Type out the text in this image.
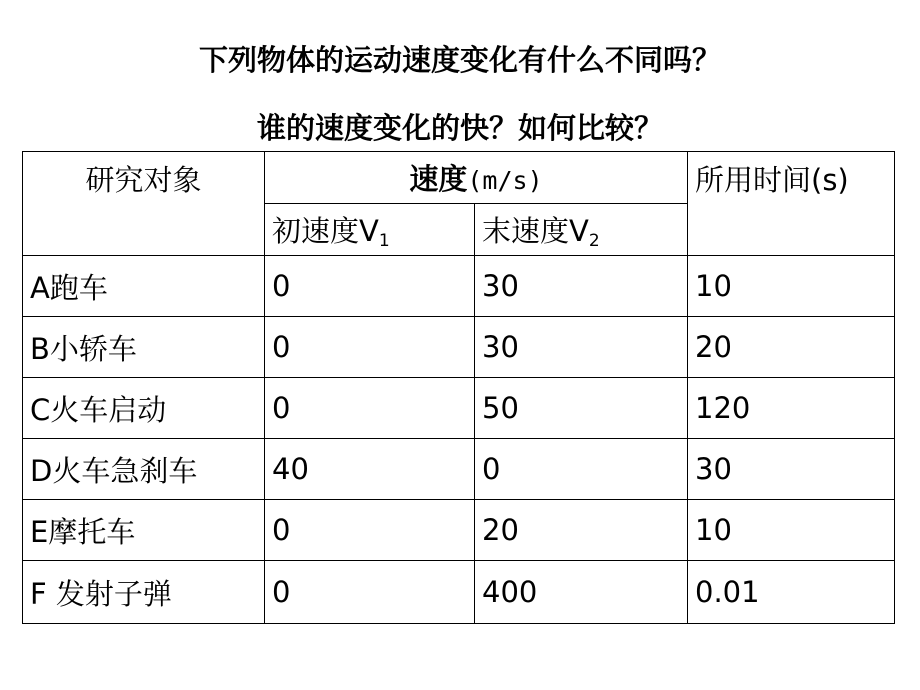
下列物体的运动速度变化有什么不同吗？
谁的速度变化的快？如何比较？
研究对象	速度(m/s)		所用时间(s)
	初速度$V_1$	末速度$V_2$
A跑车	0	30	10
B小轿车	0	30	20
C火车启动	0	50	120
D火车急刹车	40	0	30
E摩托车	0	20	10
F 发射子弹	0	400	0.01
